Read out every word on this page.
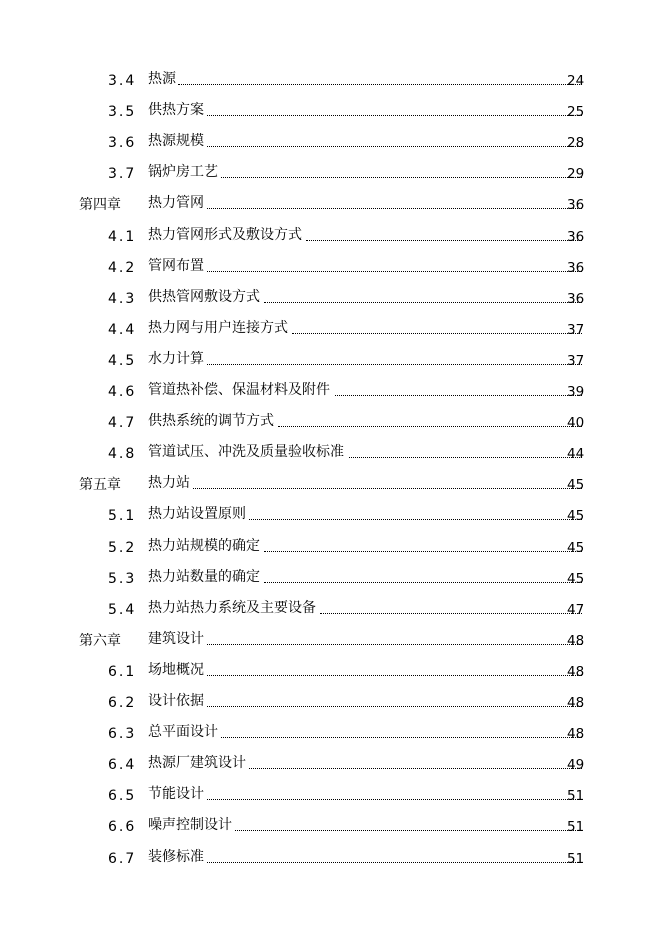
3.4 热源	24
3.5 供热方案	25
3.6 热源规模	28
3.7 锅炉房工艺	29
第四章 热力管网	36
4.1 热力管网形式及敷设方式	36
4.2 管网布置	36
4.3 供热管网敷设方式	36
4.4 热力网与用户连接方式	37
4.5 水力计算	37
4.6 管道热补偿、保温材料及附件	39
4.7 供热系统的调节方式	40
4.8 管道试压、冲洗及质量验收标准	44
第五章 热力站	45
5.1 热力站设置原则	45
5.2 热力站规模的确定	45
5.3 热力站数量的确定	45
5.4 热力站热力系统及主要设备	47
第六章 建筑设计	48
6.1 场地概况	48
6.2 设计依据	48
6.3 总平面设计	48
6.4 热源厂建筑设计	49
6.5 节能设计	51
6.6 噪声控制设计	51
6.7 装修标准	51
